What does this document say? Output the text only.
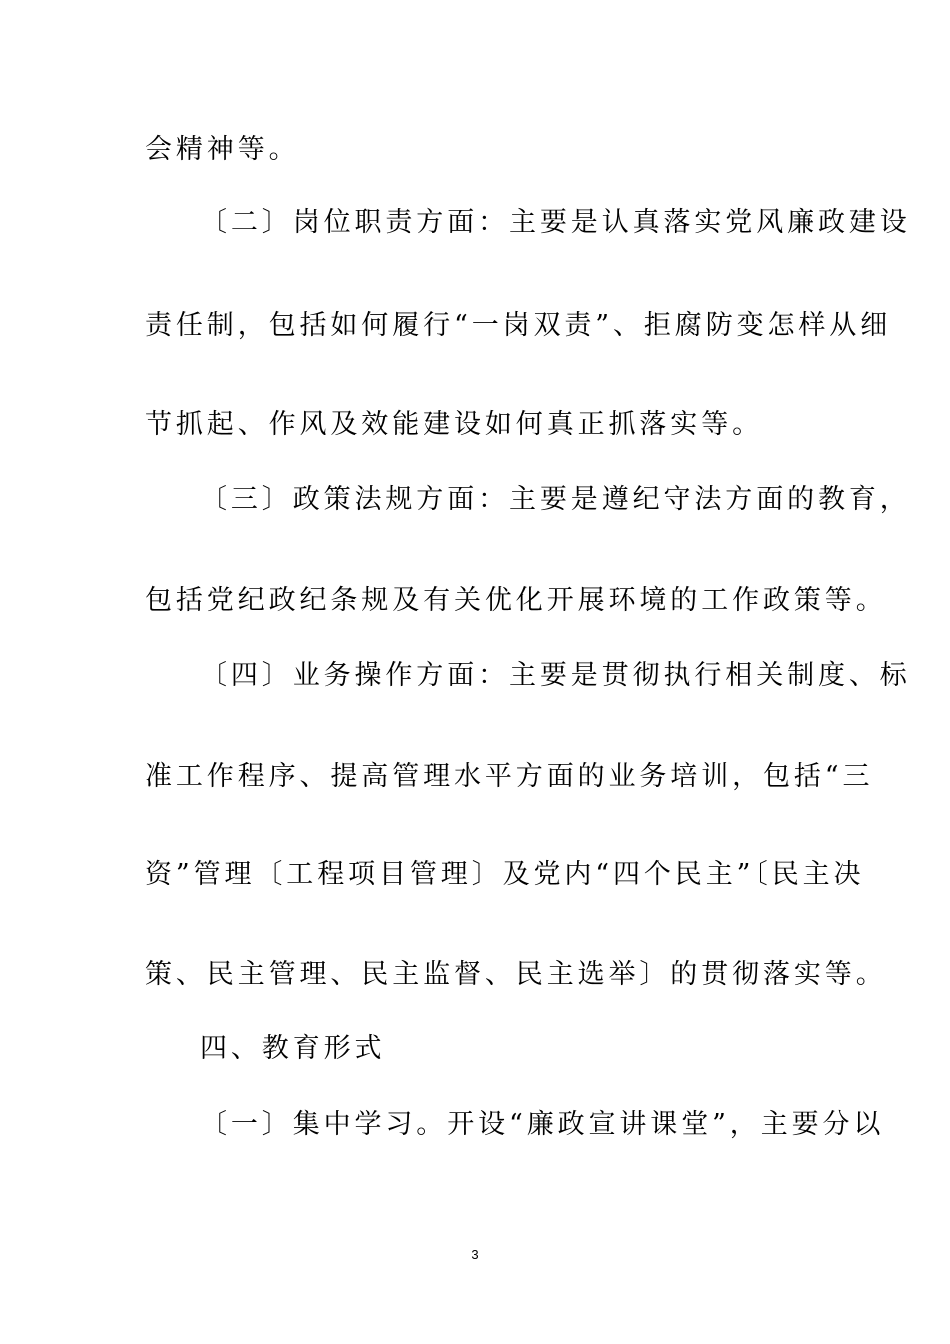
会精神等。
〔二〕岗位职责方面：主要是认真落实党风廉政建设
责任制，包括如何履行“一岗双责”、拒腐防变怎样从细
节抓起、作风及效能建设如何真正抓落实等。
〔三〕政策法规方面：主要是遵纪守法方面的教育，
包括党纪政纪条规及有关优化开展环境的工作政策等。
〔四〕业务操作方面：主要是贯彻执行相关制度、标
准工作程序、提高管理水平方面的业务培训，包括“三
资”管理〔工程项目管理〕及党内“四个民主”〔民主决
策、民主管理、民主监督、民主选举〕的贯彻落实等。
四、教育形式
〔一〕集中学习。开设“廉政宣讲课堂”，主要分以
3
